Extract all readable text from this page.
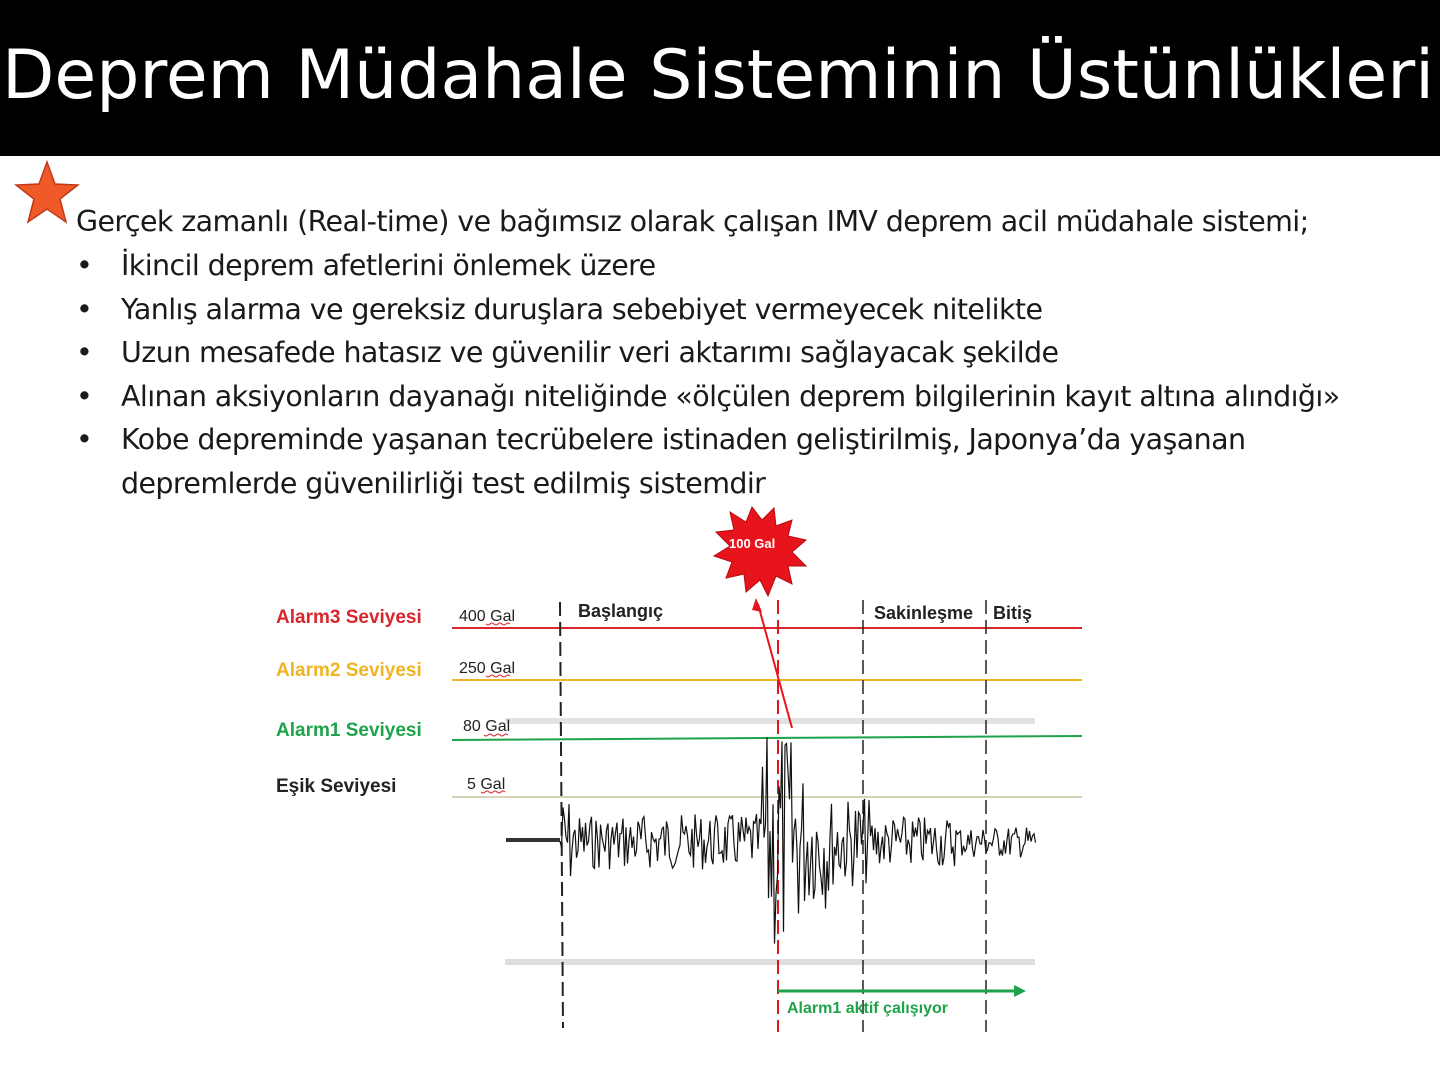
Deprem Müdahale Sisteminin Üstünlükleri
Gerçek zamanlı (Real-time) ve bağımsız olarak çalışan IMV deprem acil müdahale sistemi;
• İkincil deprem afetlerini önlemek üzere
• Yanlış alarma ve gereksiz duruşlara sebebiyet vermeyecek nitelikte
• Uzun mesafede hatasız ve güvenilir veri aktarımı sağlayacak şekilde
• Alınan aksiyonların dayanağı niteliğinde «ölçülen deprem bilgilerinin kayıt altına alındığı»
• Kobe depreminde yaşanan tecrübelere istinaden geliştirilmiş, Japonya’da yaşanan
depremlerde güvenilirliği test edilmiş sistemdir
Alarm3 Seviyesi
Alarm2 Seviyesi
Alarm1 Seviyesi
Eşik Seviyesi
400 Gal
250 Gal
80 Gal
5 Gal
Başlangıç	Sakinleşme Bitiş
100 Gal
Alarm1 aktif çalışıyor
